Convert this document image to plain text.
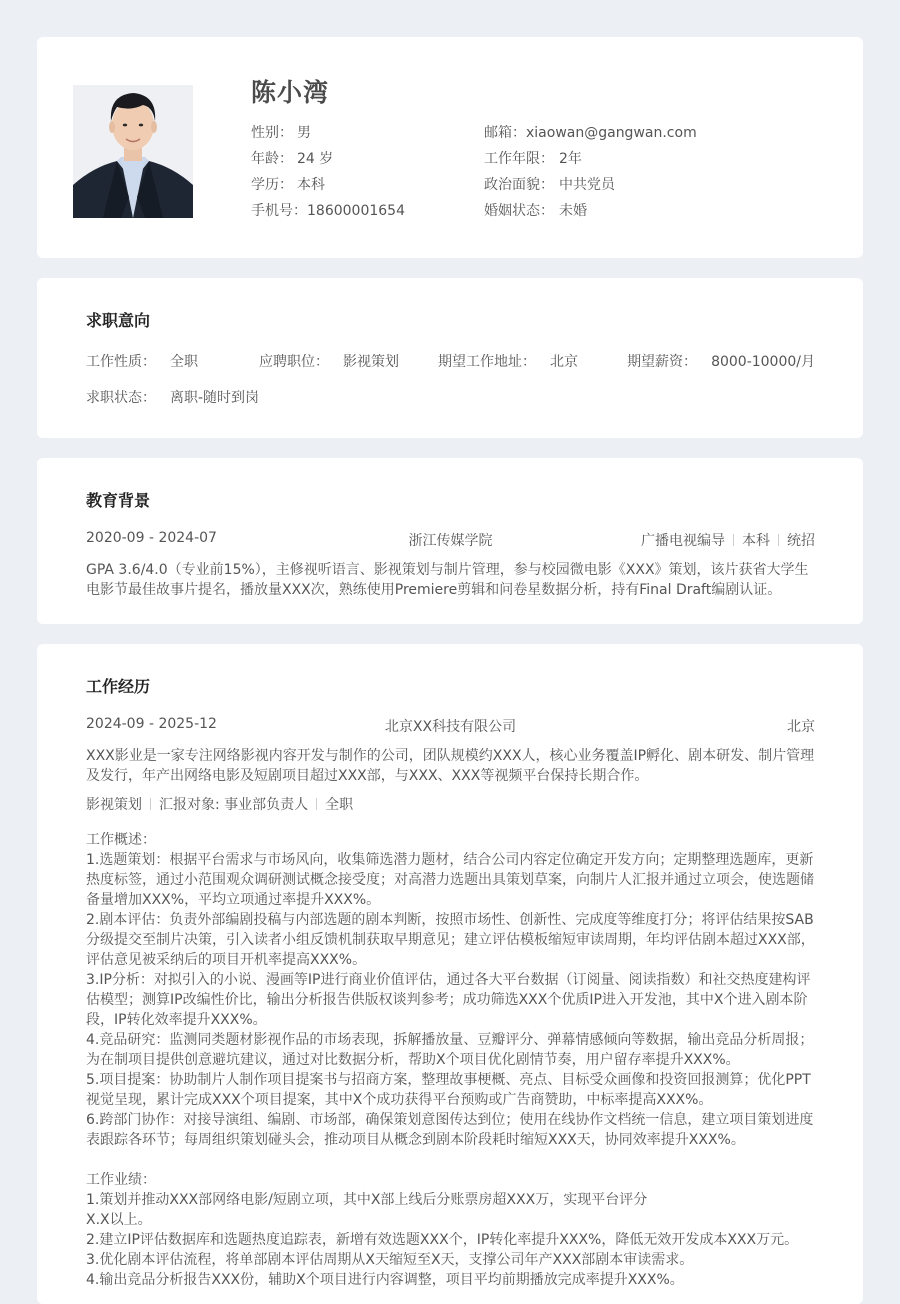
陈小湾
性别： 男
年龄： 24 岁
学历： 本科
手机号：18600001654
邮箱：xiaowan@gangwan.com
工作年限： 2年
政治面貌： 中共党员
婚姻状态： 未婚
求职意向
工作性质： 全职	应聘职位： 影视策划	期望工作地址： 北京	期望薪资： 8000-10000/月
求职状态： 离职-随时到岗
教育背景
2020-09 - 2024-07	浙江传媒学院	广播电视编导 本科 统招
GPA 3.6/4.0（专业前15%），主修视听语言、影视策划与制片管理，参与校园微电影《XXX》策划，该片获省大学生电影节最佳故事片提名，播放量XXX次，熟练使用Premiere剪辑和问卷星数据分析，持有Final Draft编剧认证。
工作经历
2024-09 - 2025-12	北京XX科技有限公司	北京
XXX影业是一家专注网络影视内容开发与制作的公司，团队规模约XXX人，核心业务覆盖IP孵化、剧本研发、制片管理及发行，年产出网络电影及短剧项目超过XXX部，与XXX、XXX等视频平台保持长期合作。
影视策划 汇报对象: 事业部负责人 全职

工作概述：

1.选题策划：根据平台需求与市场风向，收集筛选潜力题材，结合公司内容定位确定开发方向；定期整理选题库，更新热度标签，通过小范围观众调研测试概念接受度；对高潜力选题出具策划草案，向制片人汇报并通过立项会，使选题储备量增加XXX%，平均立项通过率提升XXX%。

2.剧本评估：负责外部编剧投稿与内部选题的剧本判断，按照市场性、创新性、完成度等维度打分；将评估结果按SAB分级提交至制片决策，引入读者小组反馈机制获取早期意见；建立评估模板缩短审读周期，年均评估剧本超过XXX部，评估意见被采纳后的项目开机率提高XXX%。

3.IP分析：对拟引入的小说、漫画等IP进行商业价值评估，通过各大平台数据（订阅量、阅读指数）和社交热度建构评估模型；测算IP改编性价比，输出分析报告供版权谈判参考；成功筛选XXX个优质IP进入开发池，其中X个进入剧本阶段，IP转化效率提升XXX%。

4.竞品研究：监测同类题材影视作品的市场表现，拆解播放量、豆瓣评分、弹幕情感倾向等数据，输出竞品分析周报；为在制项目提供创意避坑建议，通过对比数据分析，帮助X个项目优化剧情节奏，用户留存率提升XXX%。

5.项目提案：协助制片人制作项目提案书与招商方案，整理故事梗概、亮点、目标受众画像和投资回报测算；优化PPT视觉呈现，累计完成XXX个项目提案，其中X个成功获得平台预购或广告商赞助，中标率提高XXX%。

6.跨部门协作：对接导演组、编剧、市场部，确保策划意图传达到位；使用在线协作文档统一信息，建立项目策划进度表跟踪各环节；每周组织策划碰头会，推动项目从概念到剧本阶段耗时缩短XXX天，协同效率提升XXX%。

工作业绩：

1.策划并推动XXX部网络电影/短剧立项，其中X部上线后分账票房超XXX万，实现平台评分

X.X以上。

2.建立IP评估数据库和选题热度追踪表，新增有效选题XXX个，IP转化率提升XXX%，降低无效开发成本XXX万元。

3.优化剧本评估流程，将单部剧本评估周期从X天缩短至X天，支撑公司年产XXX部剧本审读需求。

4.输出竞品分析报告XXX份，辅助X个项目进行内容调整，项目平均前期播放完成率提升XXX%。
